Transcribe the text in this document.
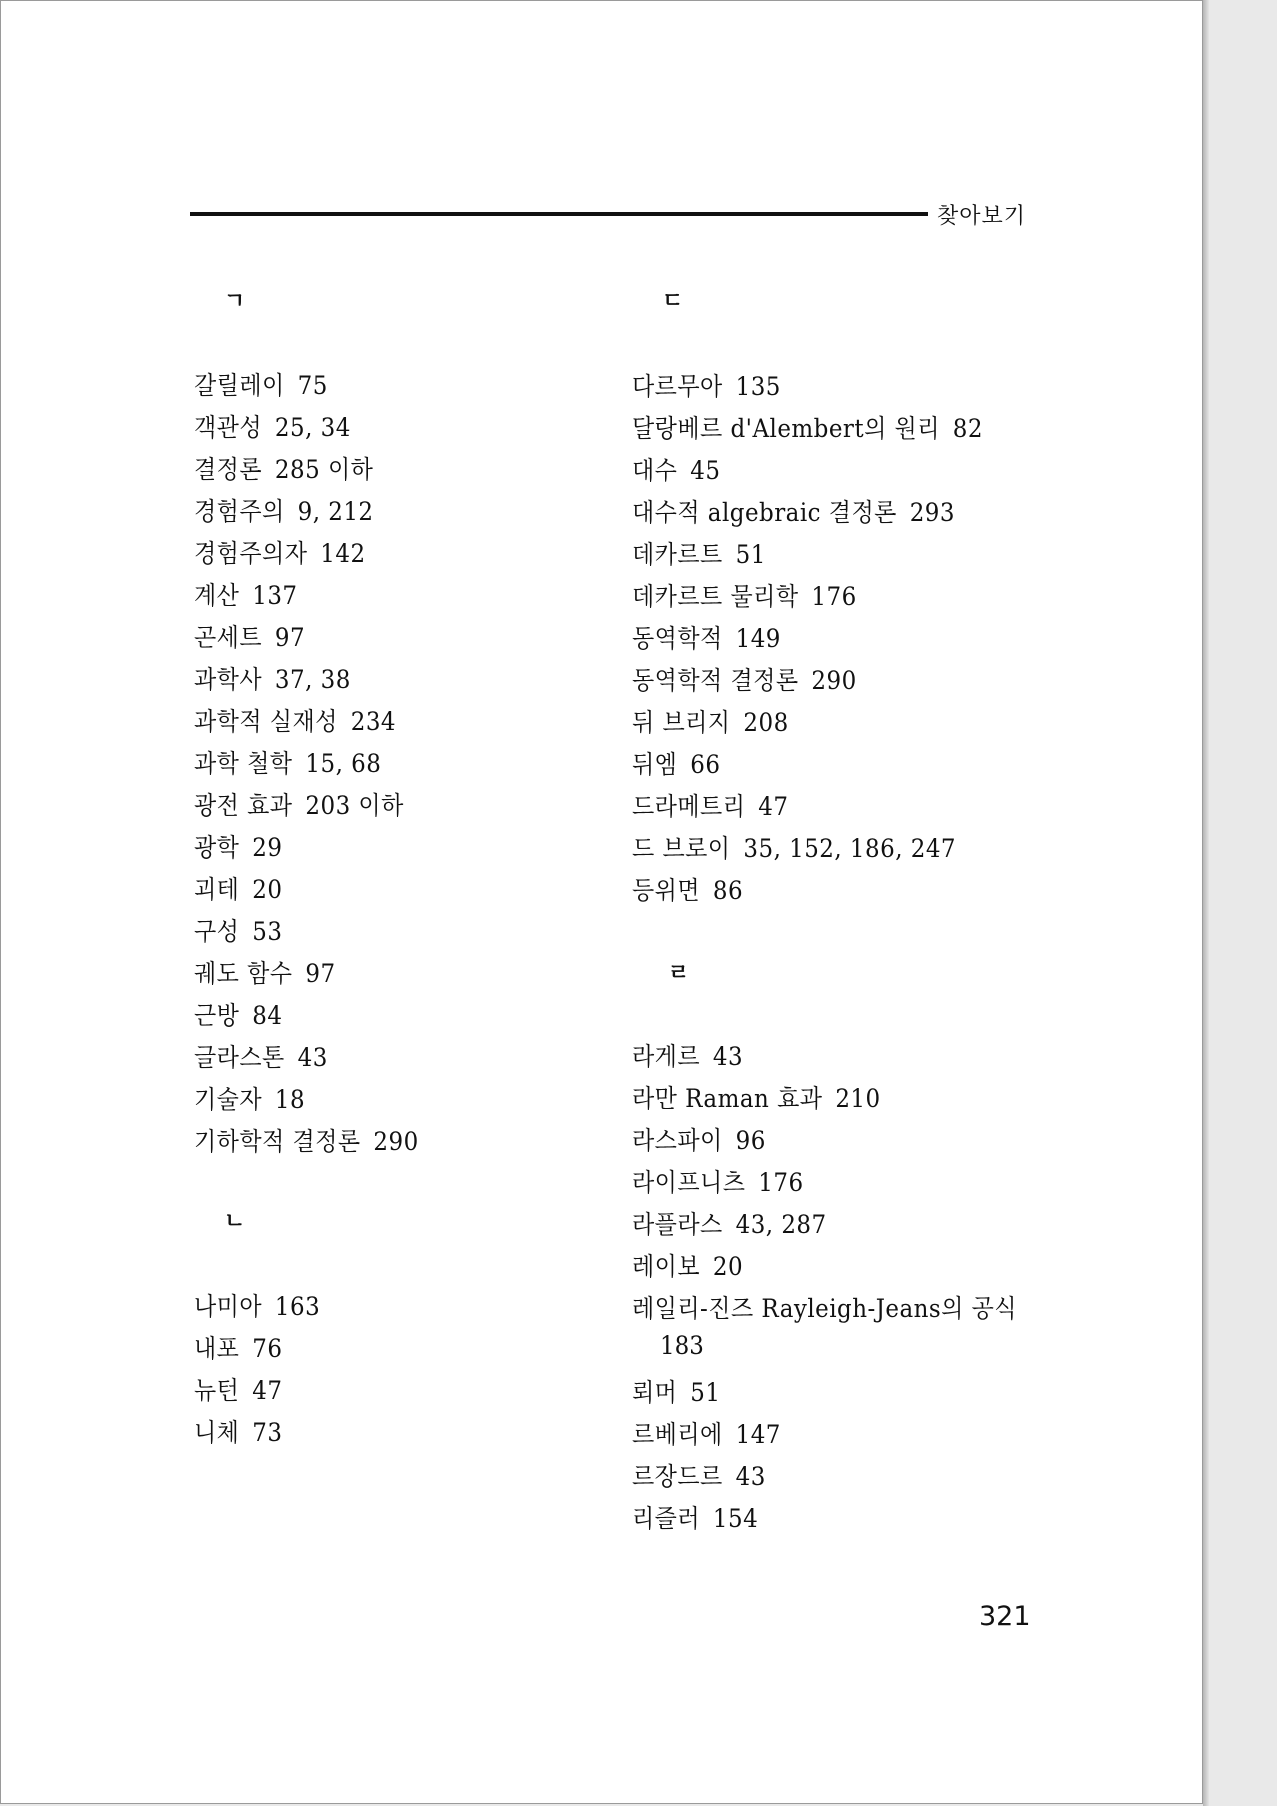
찾아보기
ㄱ
갈릴레이 75
객관성 25, 34
결정론 285 이하
경험주의 9, 212
경험주의자 142
계산 137
곤세트 97
과학사 37, 38
과학적 실재성 234
과학 철학 15, 68
광전 효과 203 이하
광학 29
괴테 20
구성 53
궤도 함수 97
근방 84
글라스톤 43
기술자 18
기하학적 결정론 290
ㄴ
나미아 163
내포 76
뉴턴 47
니체 73
ㄷ
다르무아 135
달랑베르 d'Alembert의 원리 82
대수 45
대수적 algebraic 결정론 293
데카르트 51
데카르트 물리학 176
동역학적 149
동역학적 결정론 290
뒤 브리지 208
뒤엠 66
드라메트리 47
드 브로이 35, 152, 186, 247
등위면 86
ㄹ
라게르 43
라만 Raman 효과 210
라스파이 96
라이프니츠 176
라플라스 43, 287
레이보 20
레일리-진즈 Rayleigh-Jeans의 공식
183
뢰머 51
르베리에 147
르장드르 43
리즐러 154
321
